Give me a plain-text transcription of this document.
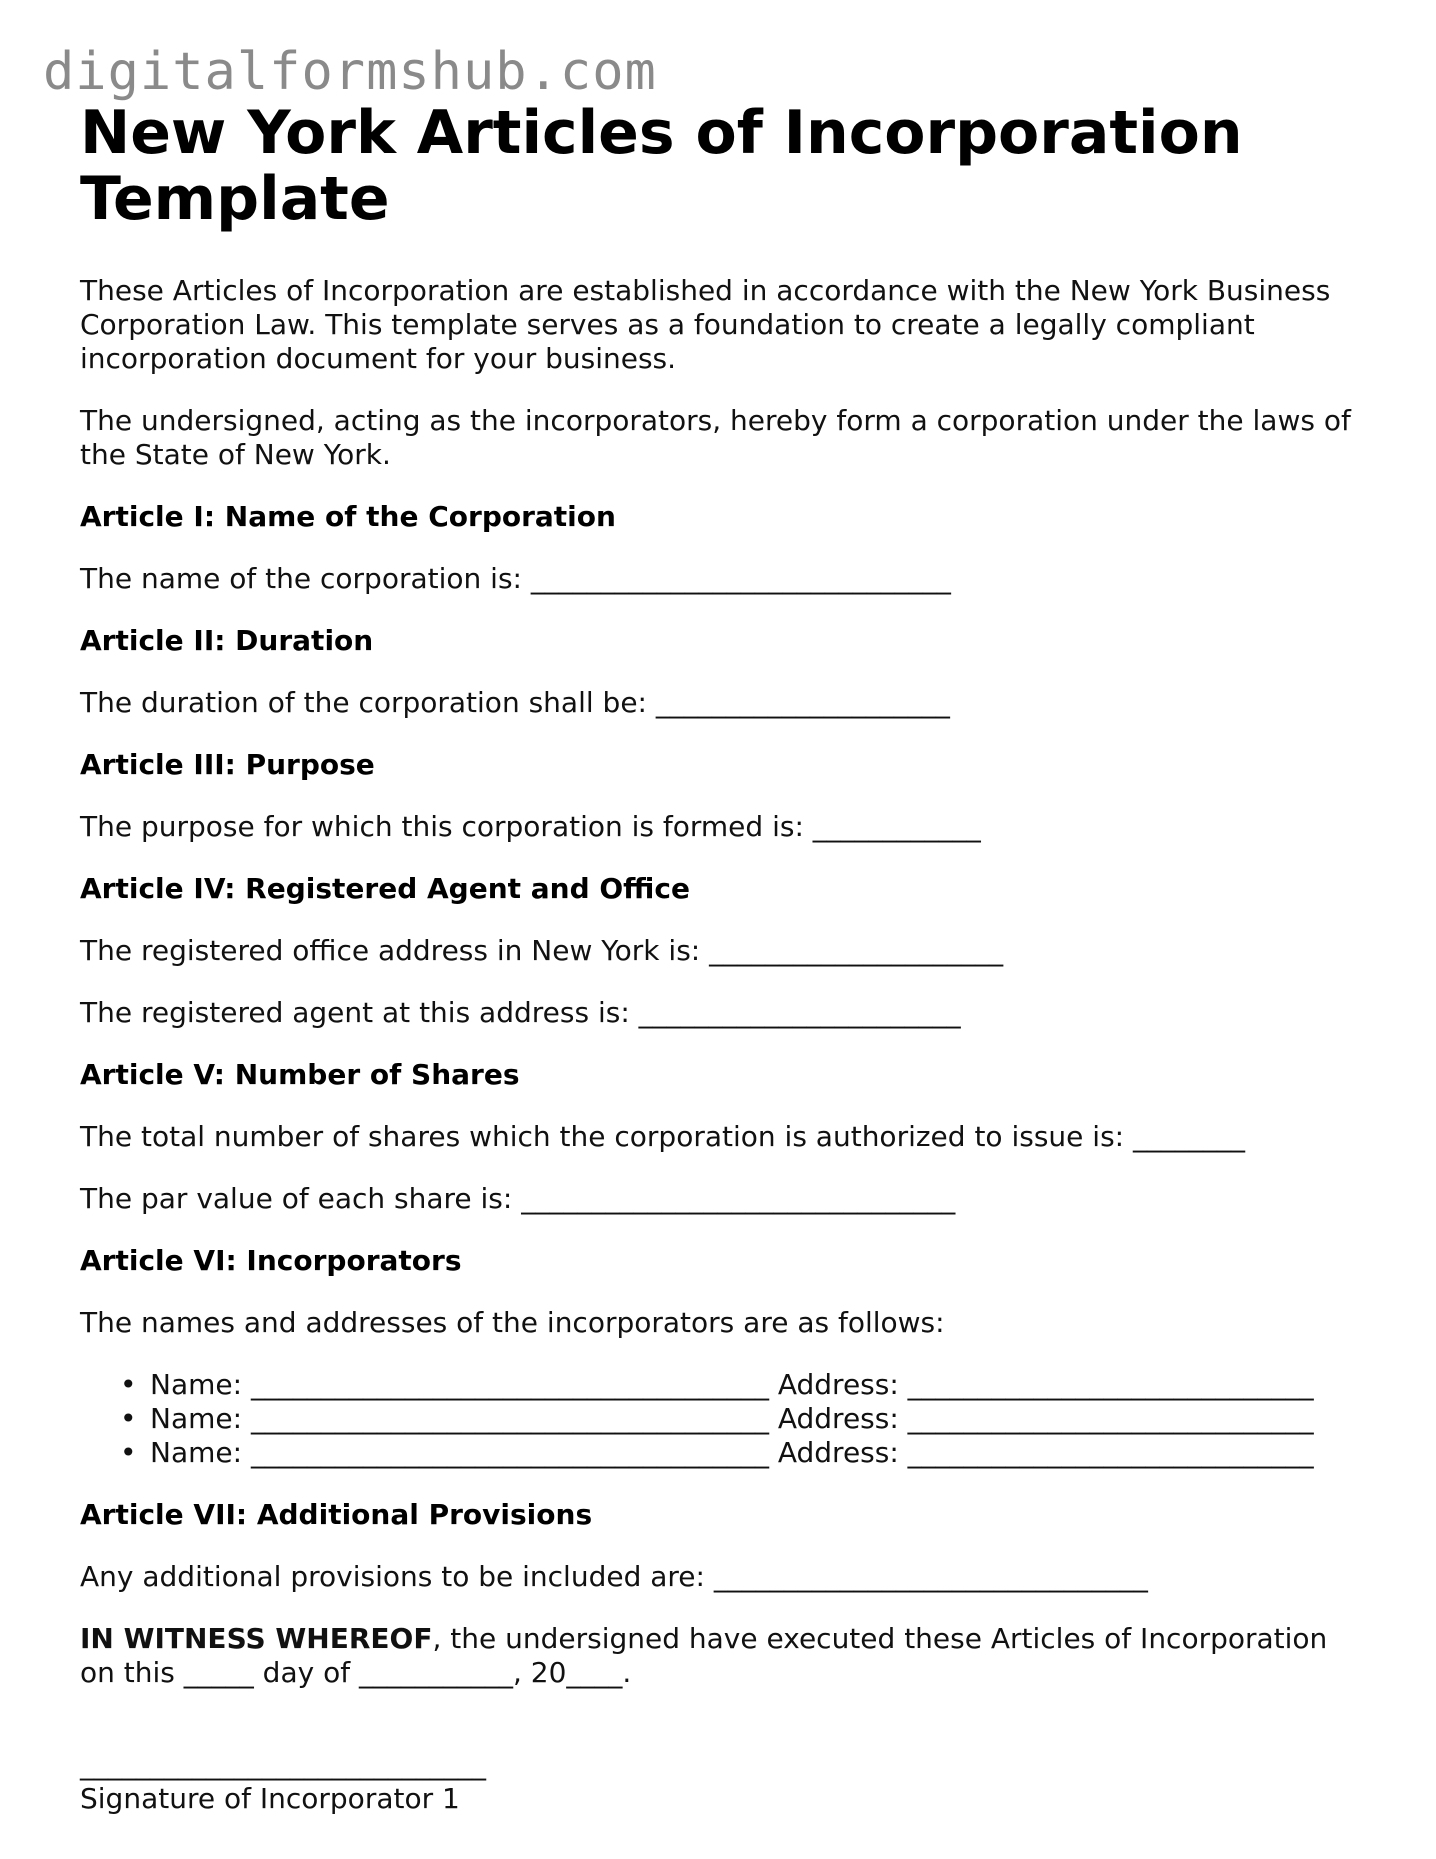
digitalformshub.com
New York Articles of Incorporation Template

These Articles of Incorporation are established in accordance with the New York Business Corporation Law. This template serves as a foundation to create a legally compliant incorporation document for your business.

The undersigned, acting as the incorporators, hereby form a corporation under the laws of the State of New York.

Article I: Name of the Corporation

The name of the corporation is: ______________________________

Article II: Duration

The duration of the corporation shall be: _____________________

Article III: Purpose

The purpose for which this corporation is formed is: ____________

Article IV: Registered Agent and Office

The registered office address in New York is: _____________________

The registered agent at this address is: _______________________

Article V: Number of Shares

The total number of shares which the corporation is authorized to issue is: ________

The par value of each share is: _______________________________

Article VI: Incorporators

The names and addresses of the incorporators are as follows:

• Name: _____________________________________ Address: _____________________________
• Name: _____________________________________ Address: _____________________________
• Name: _____________________________________ Address: _____________________________
Article VII: Additional Provisions

Any additional provisions to be included are: _______________________________

IN WITNESS WHEREOF, the undersigned have executed these Articles of Incorporation on this _____ day of ___________, 20____.

_____________________________
Signature of Incorporator 1
